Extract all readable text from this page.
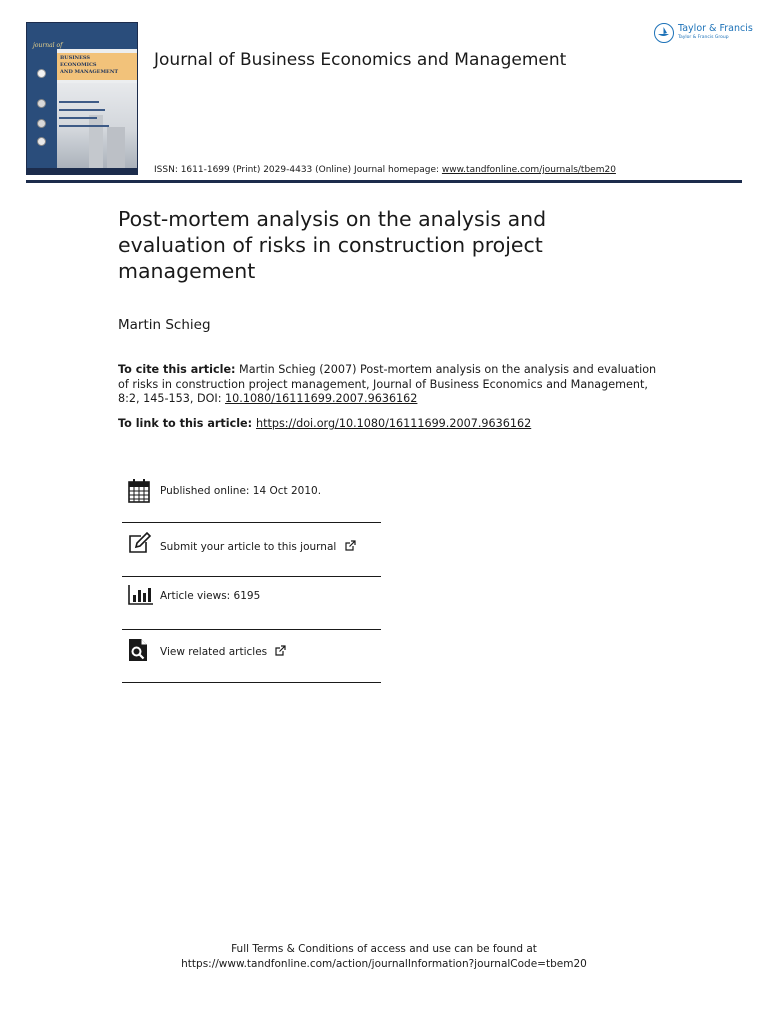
journal of
BUSINESS
ECONOMICS
AND MANAGEMENT
Journal of Business Economics and Management
Taylor & Francis
Taylor & Francis Group
ISSN: 1611-1699 (Print) 2029-4433 (Online) Journal homepage: www.tandfonline.com/journals/tbem20
Post-mortem analysis on the analysis and evaluation of risks in construction project management
Martin Schieg
To cite this article: Martin Schieg (2007) Post-mortem analysis on the analysis and evaluation of risks in construction project management, Journal of Business Economics and Management, 8:2, 145-153, DOI: 10.1080/16111699.2007.9636162
To link to this article: https://doi.org/10.1080/16111699.2007.9636162
Published online: 14 Oct 2010.
Submit your article to this journal
Article views: 6195
View related articles
Full Terms & Conditions of access and use can be found at
https://www.tandfonline.com/action/journalInformation?journalCode=tbem20
